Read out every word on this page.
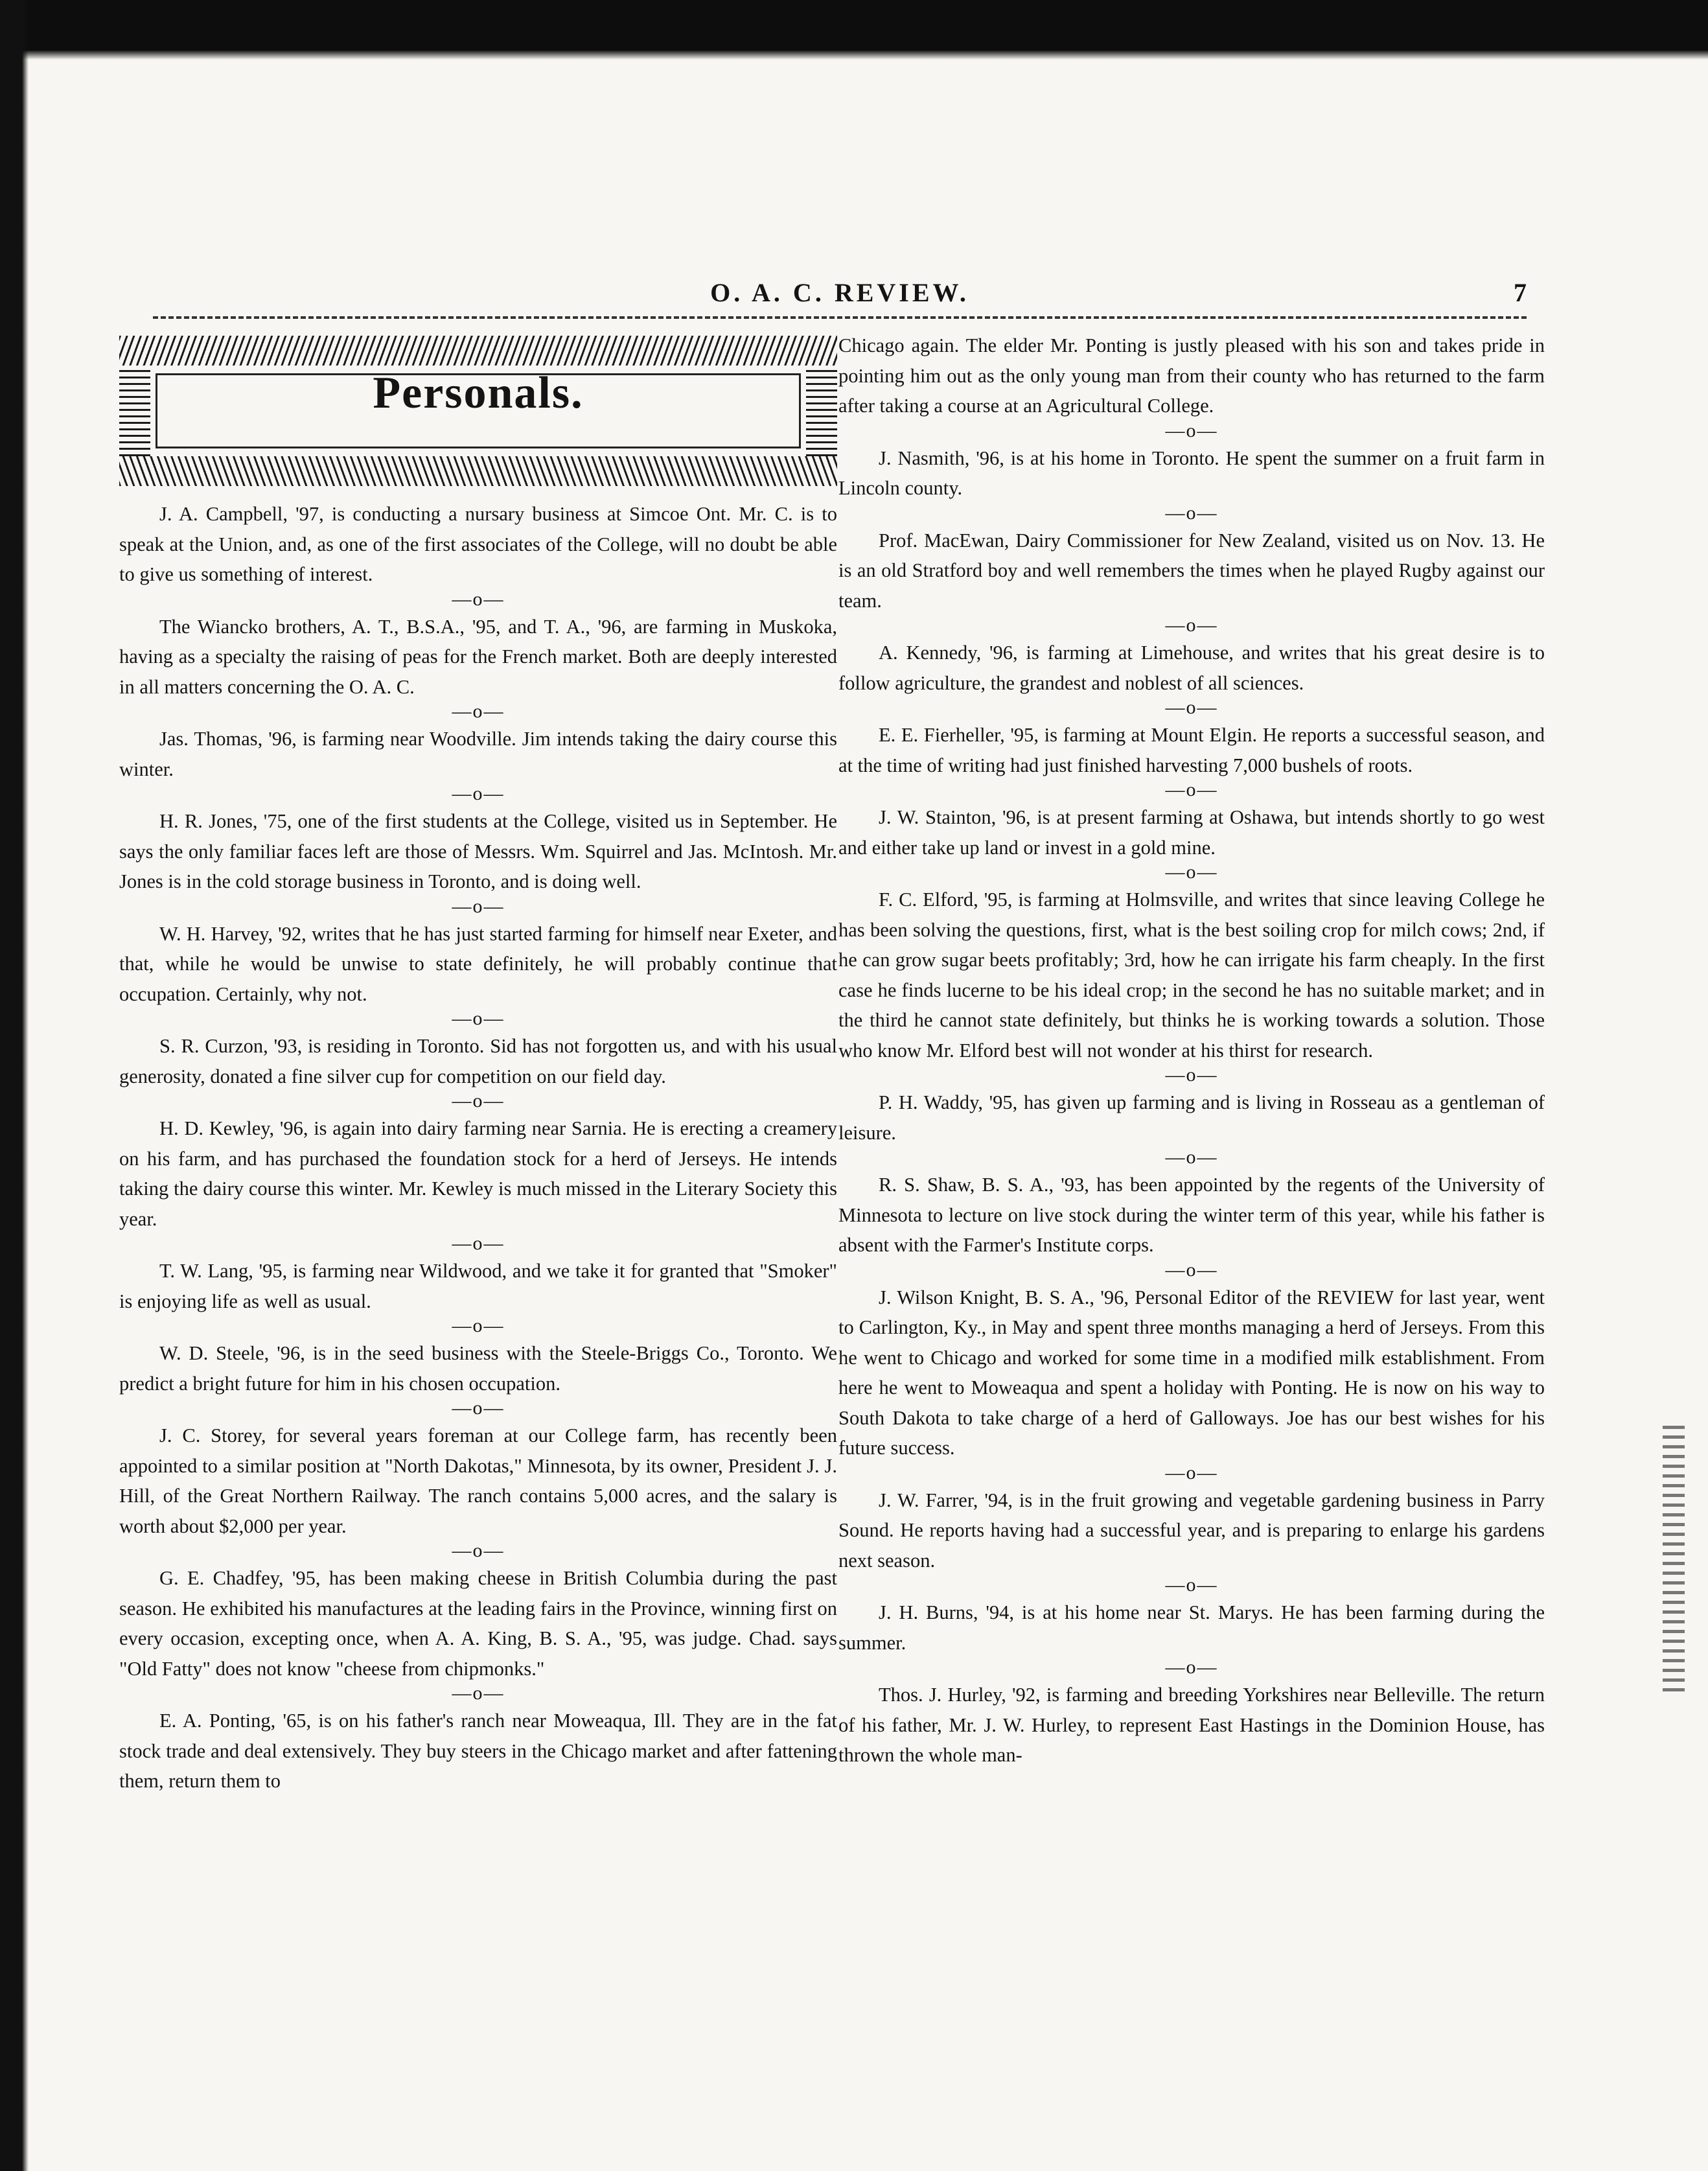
O. A. C. REVIEW.	7
Personals.

J. A. Campbell, '97, is conducting a nursary business at Simcoe Ont. Mr. C. is to speak at the Union, and, as one of the first associates of the College, will no doubt be able to give us something of interest.

—o—

The Wiancko brothers, A. T., B.S.A., '95, and T. A., '96, are farming in Muskoka, having as a specialty the raising of peas for the French market. Both are deeply interested in all matters concerning the O. A. C.

—o—

Jas. Thomas, '96, is farming near Woodville. Jim intends taking the dairy course this winter.

—o—

H. R. Jones, '75, one of the first students at the College, visited us in September. He says the only familiar faces left are those of Messrs. Wm. Squirrel and Jas. McIntosh. Mr. Jones is in the cold storage business in Toronto, and is doing well.

—o—

W. H. Harvey, '92, writes that he has just started farming for himself near Exeter, and that, while he would be unwise to state definitely, he will probably continue that occupation. Certainly, why not.

—o—

S. R. Curzon, '93, is residing in Toronto. Sid has not forgotten us, and with his usual generosity, donated a fine silver cup for competition on our field day.

—o—

H. D. Kewley, '96, is again into dairy farming near Sarnia. He is erecting a creamery on his farm, and has purchased the foundation stock for a herd of Jerseys. He intends taking the dairy course this winter. Mr. Kewley is much missed in the Literary Society this year.

—o—

T. W. Lang, '95, is farming near Wildwood, and we take it for granted that "Smoker" is enjoying life as well as usual.

—o—

W. D. Steele, '96, is in the seed business with the Steele-Briggs Co., Toronto. We predict a bright future for him in his chosen occupation.

—o—

J. C. Storey, for several years foreman at our College farm, has recently been appointed to a similar position at "North Dakotas," Minnesota, by its owner, President J. J. Hill, of the Great Northern Railway. The ranch contains 5,000 acres, and the salary is worth about $2,000 per year.

—o—

G. E. Chadfey, '95, has been making cheese in British Columbia during the past season. He exhibited his manufactures at the leading fairs in the Province, winning first on every occasion, excepting once, when A. A. King, B. S. A., '95, was judge. Chad. says "Old Fatty" does not know "cheese from chipmonks."

—o—

E. A. Ponting, '65, is on his father's ranch near Moweaqua, Ill. They are in the fat stock trade and deal extensively. They buy steers in the Chicago market and after fattening them, return them to

Chicago again. The elder Mr. Ponting is justly pleased with his son and takes pride in pointing him out as the only young man from their county who has returned to the farm after taking a course at an Agricultural College.

—o—

J. Nasmith, '96, is at his home in Toronto. He spent the summer on a fruit farm in Lincoln county.

—o—

Prof. MacEwan, Dairy Commissioner for New Zealand, visited us on Nov. 13. He is an old Stratford boy and well remembers the times when he played Rugby against our team.

—o—

A. Kennedy, '96, is farming at Limehouse, and writes that his great desire is to follow agriculture, the grandest and noblest of all sciences.

—o—

E. E. Fierheller, '95, is farming at Mount Elgin. He reports a successful season, and at the time of writing had just finished harvesting 7,000 bushels of roots.

—o—

J. W. Stainton, '96, is at present farming at Oshawa, but intends shortly to go west and either take up land or invest in a gold mine.

—o—

F. C. Elford, '95, is farming at Holmsville, and writes that since leaving College he has been solving the questions, first, what is the best soiling crop for milch cows; 2nd, if he can grow sugar beets profitably; 3rd, how he can irrigate his farm cheaply. In the first case he finds lucerne to be his ideal crop; in the second he has no suitable market; and in the third he cannot state definitely, but thinks he is working towards a solution. Those who know Mr. Elford best will not wonder at his thirst for research.

—o—

P. H. Waddy, '95, has given up farming and is living in Rosseau as a gentleman of leisure.

—o—

R. S. Shaw, B. S. A., '93, has been appointed by the regents of the University of Minnesota to lecture on live stock during the winter term of this year, while his father is absent with the Farmer's Institute corps.

—o—

J. Wilson Knight, B. S. A., '96, Personal Editor of the REVIEW for last year, went to Carlington, Ky., in May and spent three months managing a herd of Jerseys. From this he went to Chicago and worked for some time in a modified milk establishment. From here he went to Moweaqua and spent a holiday with Ponting. He is now on his way to South Dakota to take charge of a herd of Galloways. Joe has our best wishes for his future success.

—o—

J. W. Farrer, '94, is in the fruit growing and vegetable gardening business in Parry Sound. He reports having had a successful year, and is preparing to enlarge his gardens next season.

—o—

J. H. Burns, '94, is at his home near St. Marys. He has been farming during the summer.

—o—

Thos. J. Hurley, '92, is farming and breeding Yorkshires near Belleville. The return of his father, Mr. J. W. Hurley, to represent East Hastings in the Dominion House, has thrown the whole man-
